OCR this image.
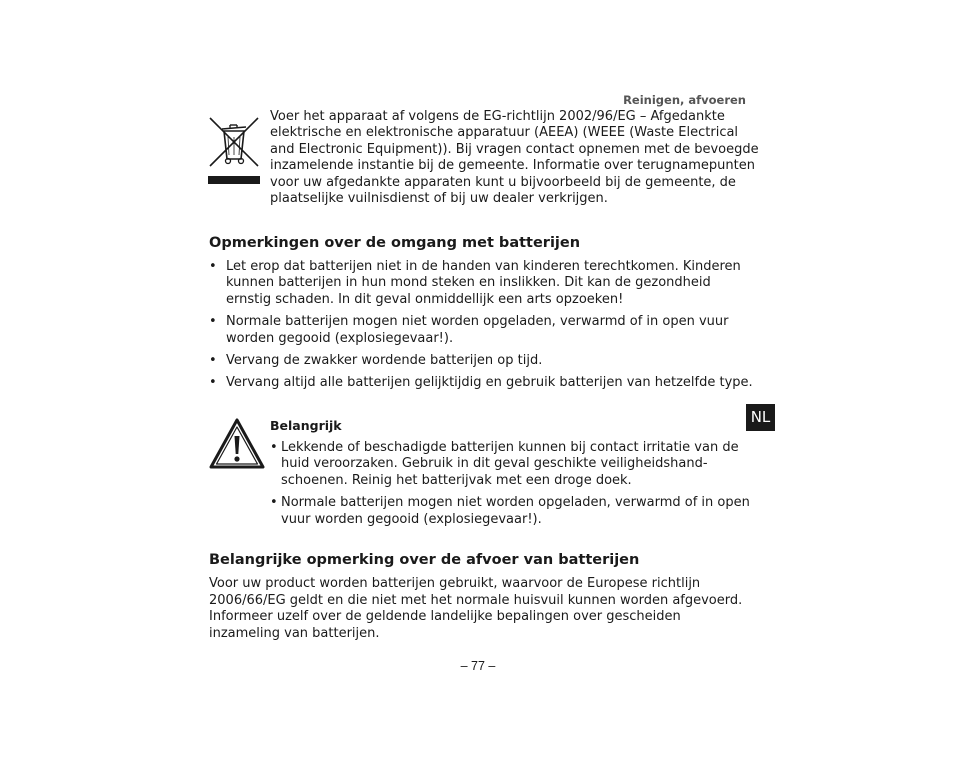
Reinigen, afvoeren
Voer het apparaat af volgens de EG-richtlijn 2002/96/EG – Afgedankte elektrische en elektronische apparatuur (AEEA) (WEEE (Waste Electrical and Electronic Equipment)). Bij vragen contact opnemen met de bevoegde inzamelende instantie bij de gemeente. Informatie over terugnamepunten voor uw afgedankte apparaten kunt u bijvoorbeeld bij de gemeente, de plaatselijke vuilnisdienst of bij uw dealer verkrijgen.
Opmerkingen over de omgang met batterijen
• Let erop dat batterijen niet in de handen van kinderen terechtkomen. Kinderen kunnen batterijen in hun mond steken en inslikken. Dit kan de gezondheid ernstig schaden. In dit geval onmiddellijk een arts opzoeken!
• Normale batterijen mogen niet worden opgeladen, verwarmd of in open vuur worden gegooid (explosiegevaar!).
• Vervang de zwakker wordende batterijen op tijd.
• Vervang altijd alle batterijen gelijktijdig en gebruik batterijen van hetzelfde type.
Belangrijk
• Lekkende of beschadigde batterijen kunnen bij contact irritatie van de huid veroorzaken. Gebruik in dit geval geschikte veiligheidshand-schoenen. Reinig het batterijvak met een droge doek.
• Normale batterijen mogen niet worden opgeladen, verwarmd of in open vuur worden gegooid (explosiegevaar!).
Belangrijke opmerking over de afvoer van batterijen
Voor uw product worden batterijen gebruikt, waarvoor de Europese richtlijn 2006/66/EG geldt en die niet met het normale huisvuil kunnen worden afgevoerd. Informeer uzelf over de geldende landelijke bepalingen over gescheiden inzameling van batterijen.
NL
– 77 –
